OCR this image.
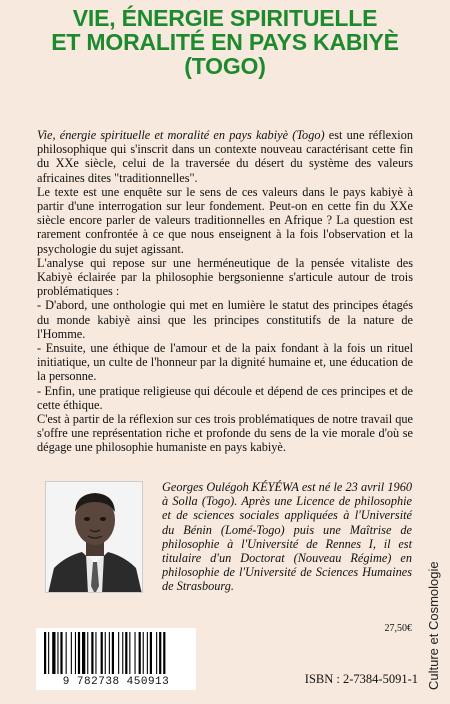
VIE, ÉNERGIE SPIRITUELLE
ET MORALITÉ EN PAYS KABIYÈ
(TOGO)

Vie, énergie spirituelle et moralité en pays kabiyè (Togo) est une réflexion philosophique qui s'inscrit dans un contexte nouveau caractérisant cette fin du XXe siècle, celui de la traversée du désert du système des valeurs africaines dites "traditionnelles".

Le texte est une enquête sur le sens de ces valeurs dans le pays kabiyè à partir d'une interrogation sur leur fondement. Peut-on en cette fin du XXe siècle encore parler de valeurs traditionnelles en Afrique ? La question est rarement confrontée à ce que nous enseignent à la fois l'observation et la psychologie du sujet agissant.

L'analyse qui repose sur une herméneutique de la pensée vitaliste des Kabiyè éclairée par la philosophie bergsonienne s'articule autour de trois problématiques :

- D'abord, une onthologie qui met en lumière le statut des principes étagés du monde kabiyè ainsi que les principes constitutifs de la nature de l'Homme.

- Ensuite, une éthique de l'amour et de la paix fondant à la fois un rituel initiatique, un culte de l'honneur par la dignité humaine et, une éducation de la personne.

- Enfin, une pratique religieuse qui découle et dépend de ces principes et de cette éthique.

C'est à partir de la réflexion sur ces trois problématiques de notre travail que s'offre une représentation riche et profonde du sens de la vie morale d'où se dégage une philosophie humaniste en pays kabiyè.

Georges Oulégoh KÉYÉWA est né le 23 avril 1960 à Solla (Togo). Après une Licence de philosophie et de sciences sociales appliquées à l'Université du Bénin (Lomé-Togo) puis une Maîtrise de philosophie à l'Université de Rennes I, il est titulaire d'un Doctorat (Nouveau Régime) en philosophie de l'Université de Sciences Humaines de Strasbourg.
9 782738 450913
27,50€
ISBN : 2-7384-5091-1 Culture et Cosmologie
